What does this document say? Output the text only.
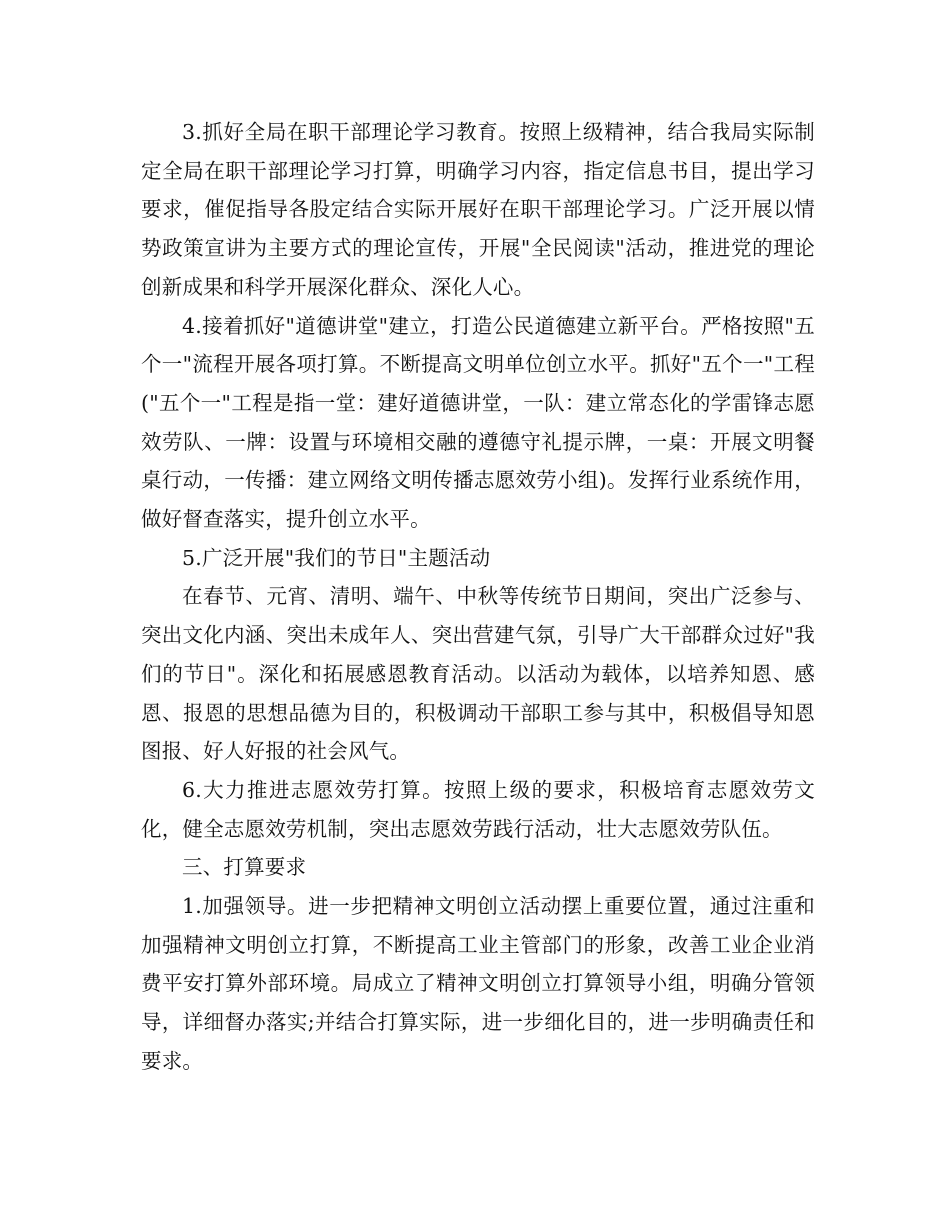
3.抓好全局在职干部理论学习教育。按照上级精神，结合我局实际制定全局在职干部理论学习打算，明确学习内容，指定信息书目，提出学习要求，催促指导各股定结合实际开展好在职干部理论学习。广泛开展以情势政策宣讲为主要方式的理论宣传，开展"全民阅读"活动，推进党的理论创新成果和科学开展深化群众、深化人心。

4.接着抓好"道德讲堂"建立，打造公民道德建立新平台。严格按照"五个一"流程开展各项打算。不断提高文明单位创立水平。抓好"五个一"工程("五个一"工程是指一堂：建好道德讲堂，一队：建立常态化的学雷锋志愿效劳队、一牌：设置与环境相交融的遵德守礼提示牌，一桌：开展文明餐桌行动，一传播：建立网络文明传播志愿效劳小组)。发挥行业系统作用，做好督查落实，提升创立水平。

5.广泛开展"我们的节日"主题活动

在春节、元宵、清明、端午、中秋等传统节日期间，突出广泛参与、突出文化内涵、突出未成年人、突出营建气氛，引导广大干部群众过好"我们的节日"。深化和拓展感恩教育活动。以活动为载体，以培养知恩、感恩、报恩的思想品德为目的，积极调动干部职工参与其中，积极倡导知恩图报、好人好报的社会风气。

6.大力推进志愿效劳打算。按照上级的要求，积极培育志愿效劳文化，健全志愿效劳机制，突出志愿效劳践行活动，壮大志愿效劳队伍。

三、打算要求

1.加强领导。进一步把精神文明创立活动摆上重要位置，通过注重和加强精神文明创立打算，不断提高工业主管部门的形象，改善工业企业消费平安打算外部环境。局成立了精神文明创立打算领导小组，明确分管领导，详细督办落实;并结合打算实际，进一步细化目的，进一步明确责任和要求。
